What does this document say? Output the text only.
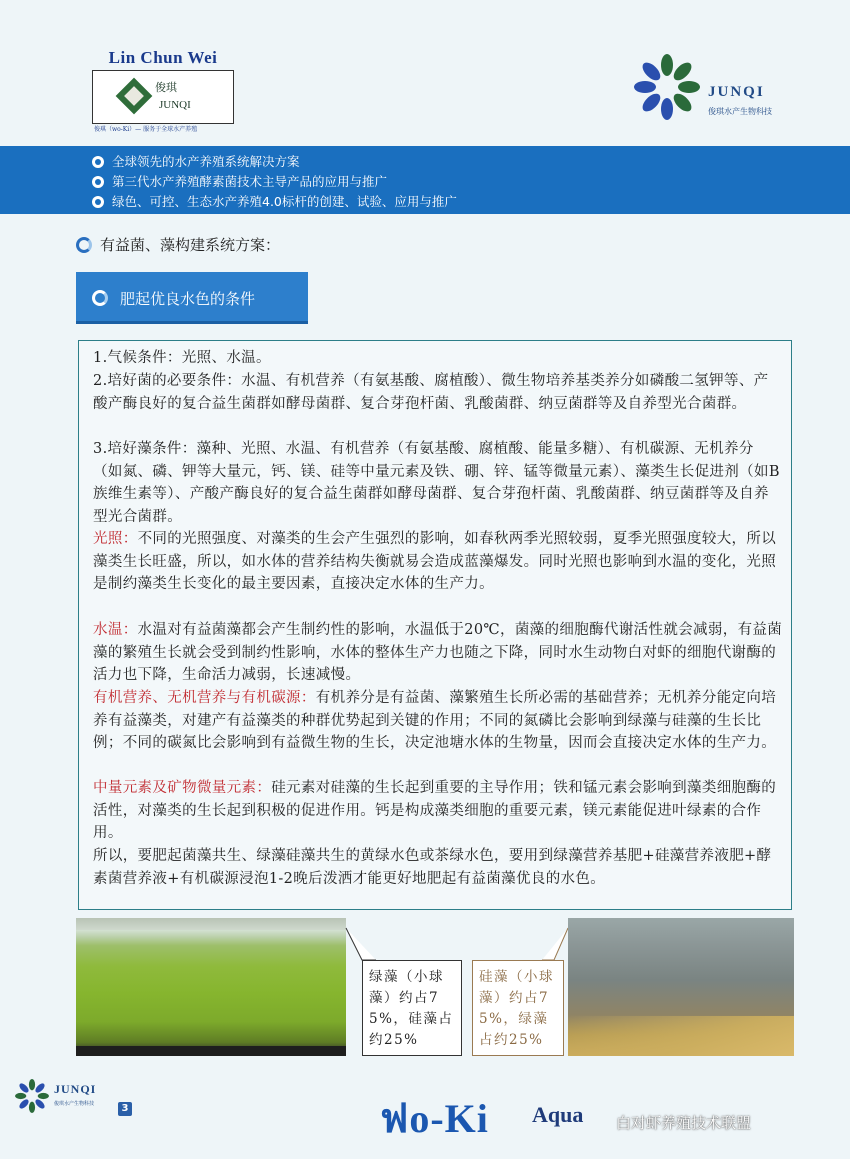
Lin Chun Wei
俊琪
JUNQI
俊琪（wo-Ki）— 服务于全球水产养殖
JUNQI
俊琪水产生物科技
全球领先的水产养殖系统解决方案
第三代水产养殖酵素菌技术主导产品的应用与推广
绿色、可控、生态水产养殖4.0标杆的创建、试验、应用与推广
有益菌、藻构建系统方案：
肥起优良水色的条件
1.气候条件：光照、水温。
2.培好菌的必要条件：水温、有机营养（有氨基酸、腐植酸）、微生物培养基类养分如磷酸二氢钾等、产酸产酶良好的复合益生菌群如酵母菌群、复合芽孢杆菌、乳酸菌群、纳豆菌群等及自养型光合菌群。
3.培好藻条件：藻种、光照、水温、有机营养（有氨基酸、腐植酸、能量多糖）、有机碳源、无机养分（如氮、磷、钾等大量元，钙、镁、硅等中量元素及铁、硼、锌、锰等微量元素）、藻类生长促进剂（如B族维生素等）、产酸产酶良好的复合益生菌群如酵母菌群、复合芽孢杆菌、乳酸菌群、纳豆菌群等及自养型光合菌群。
光照：不同的光照强度、对藻类的生会产生强烈的影响，如春秋两季光照较弱，夏季光照强度较大，所以藻类生长旺盛，所以，如水体的营养结构失衡就易会造成蓝藻爆发。同时光照也影响到水温的变化，光照是制约藻类生长变化的最主要因素，直接决定水体的生产力。
水温：水温对有益菌藻都会产生制约性的影响，水温低于20℃，菌藻的细胞酶代谢活性就会减弱，有益菌藻的繁殖生长就会受到制约性影响，水体的整体生产力也随之下降，同时水生动物白对虾的细胞代谢酶的活力也下降，生命活力减弱，长速减慢。
有机营养、无机营养与有机碳源：有机养分是有益菌、藻繁殖生长所必需的基础营养；无机养分能定向培养有益藻类，对建产有益藻类的种群优势起到关键的作用；不同的氮磷比会影响到绿藻与硅藻的生长比例；不同的碳氮比会影响到有益微生物的生长，决定池塘水体的生物量，因而会直接决定水体的生产力。
中量元素及矿物微量元素：硅元素对硅藻的生长起到重要的主导作用；铁和锰元素会影响到藻类细胞酶的活性，对藻类的生长起到积极的促进作用。钙是构成藻类细胞的重要元素，镁元素能促进叶绿素的合作用。
所以，要肥起菌藻共生、绿藻硅藻共生的黄绿水色或茶绿水色，要用到绿藻营养基肥+硅藻营养液肥+酵素菌营养液+有机碳源浸泡1-2晚后泼洒才能更好地肥起有益菌藻优良的水色。
绿藻（小球藻）约占75%，硅藻占约25%
硅藻（小球藻）约占75%，绿藻占约25%
JUNQI
俊琪水产生物科技	3	ฟo-Ki Aqua 白对虾养殖技术联盟
